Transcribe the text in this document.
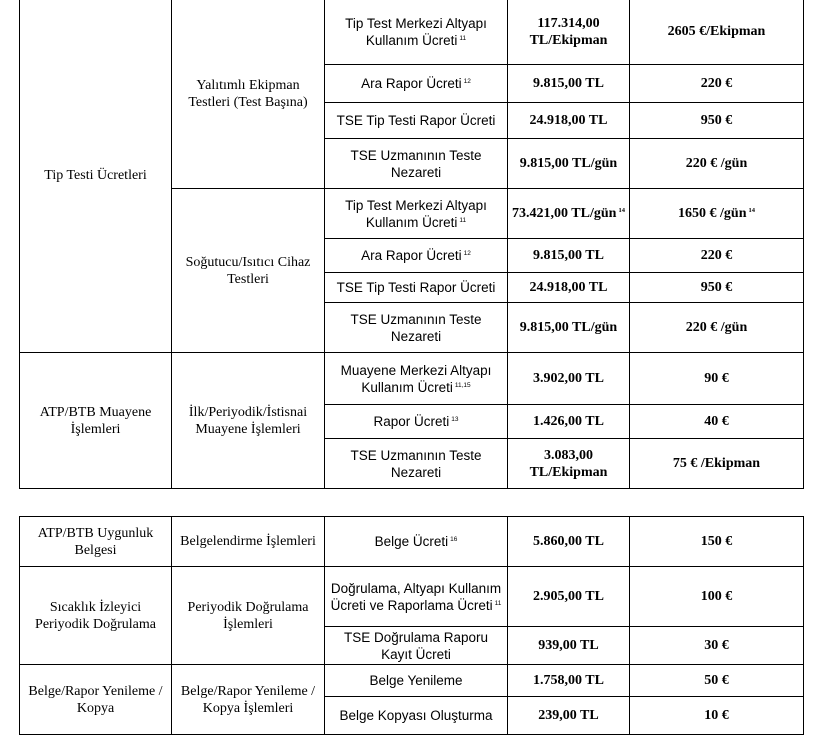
Tip Testi Ücretleri	Yalıtımlı Ekipman Testleri (Test Başına)	Tip Test Merkezi Altyapı Kullanım Ücreti $^{11}$	117.314,00 TL/Ekipman	2605 €/Ekipman
		Ara Rapor Ücreti $^{12}$	9.815,00 TL	220 €
		TSE Tip Testi Rapor Ücreti	24.918,00 TL	950 €
		TSE Uzmanının Teste Nezareti	9.815,00 TL/gün	220 € /gün
	Soğutucu/Isıtıcı Cihaz Testleri	Tip Test Merkezi Altyapı Kullanım Ücreti $^{11}$	73.421,00 TL/gün $^{14}$	1650 € /gün $^{14}$
		Ara Rapor Ücreti $^{12}$	9.815,00 TL	220 €
		TSE Tip Testi Rapor Ücreti	24.918,00 TL	950 €
		TSE Uzmanının Teste Nezareti	9.815,00 TL/gün	220 € /gün
ATP/BTB Muayene İşlemleri	İlk/Periyodik/İstisnai Muayene İşlemleri	Muayene Merkezi Altyapı Kullanım Ücreti $^{11,15}$	3.902,00 TL	90 €
		Rapor Ücreti $^{13}$	1.426,00 TL	40 €
		TSE Uzmanının Teste Nezareti	3.083,00 TL/Ekipman	75 € /Ekipman
ATP/BTB Uygunluk Belgesi	Belgelendirme İşlemleri	Belge Ücreti $^{16}$	5.860,00 TL	150 €
Sıcaklık İzleyici Periyodik Doğrulama	Periyodik Doğrulama İşlemleri	Doğrulama, Altyapı Kullanım Ücreti ve Raporlama Ücreti $^{11}$	2.905,00 TL	100 €
		TSE Doğrulama Raporu Kayıt Ücreti	939,00 TL	30 €
Belge/Rapor Yenileme / Kopya	Belge/Rapor Yenileme / Kopya İşlemleri	Belge Yenileme	1.758,00 TL	50 €
		Belge Kopyası Oluşturma	239,00 TL	10 €
